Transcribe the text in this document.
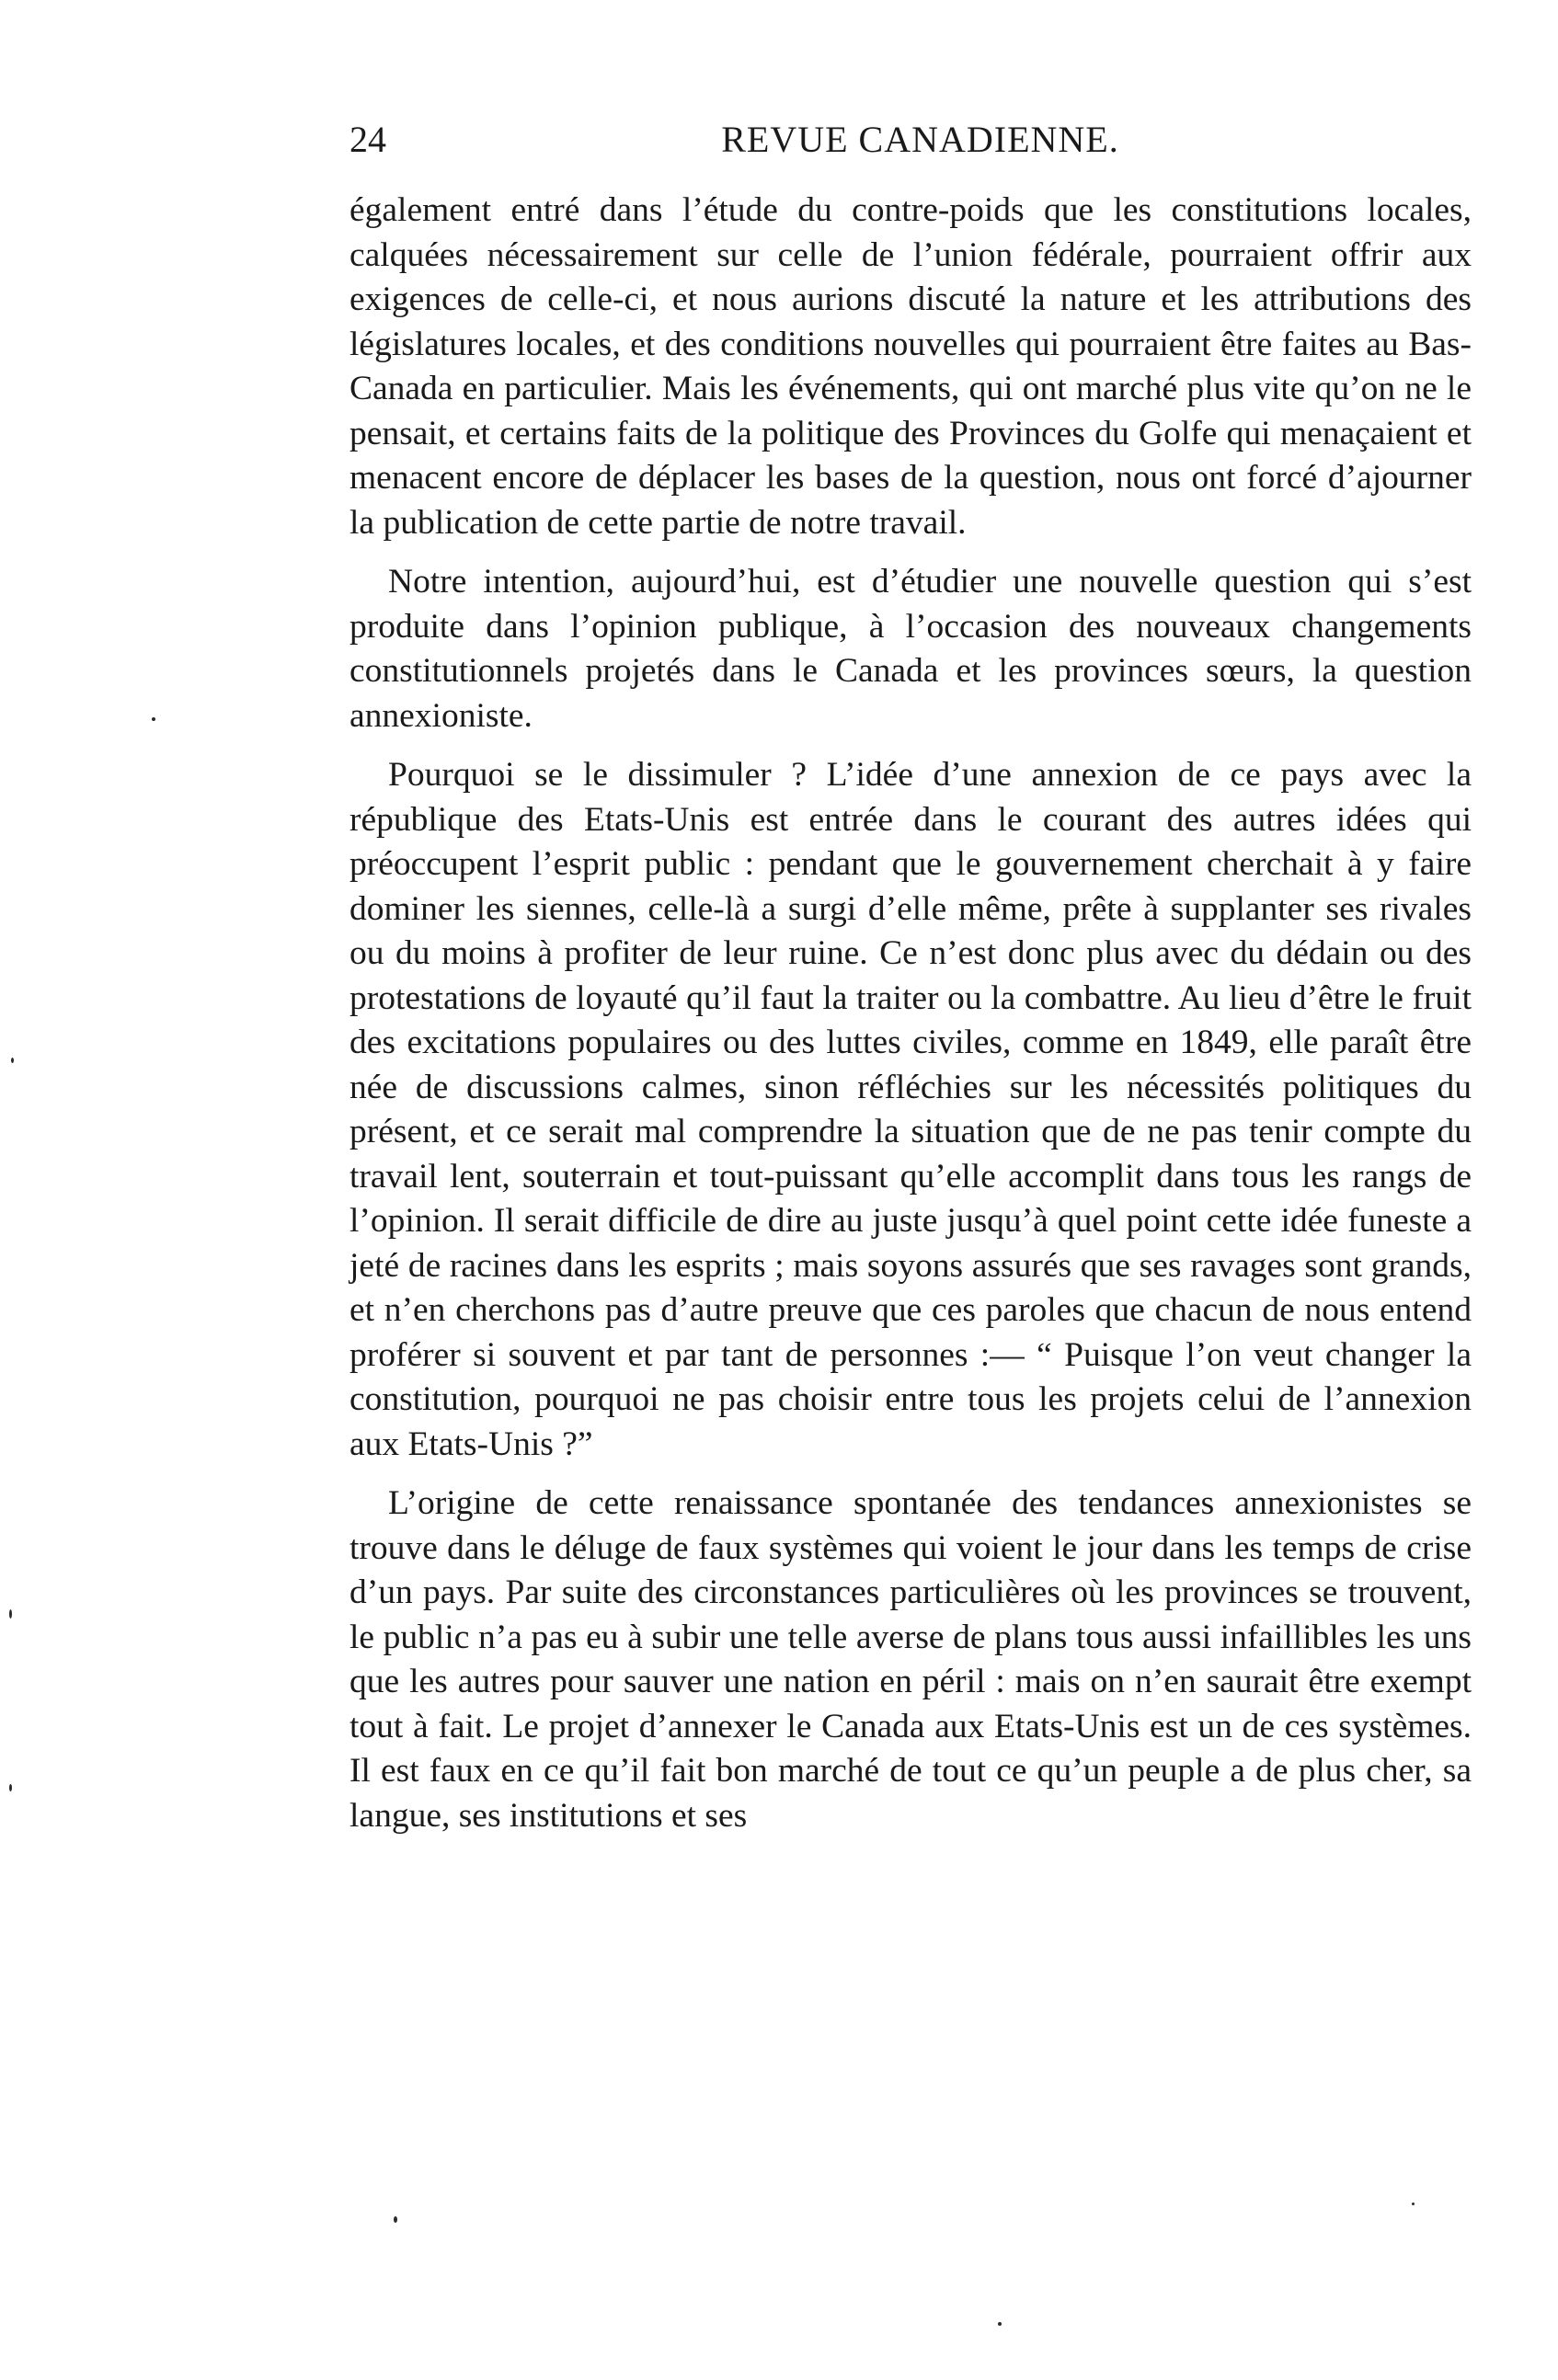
24	REVUE CANADIENNE.

également entré dans l’étude du contre-poids que les constitutions locales, calquées nécessairement sur celle de l’union fédérale, pourraient offrir aux exigences de celle-ci, et nous aurions discuté la nature et les attributions des législatures locales, et des conditions nouvelles qui pourraient être faites au Bas-Canada en particulier. Mais les événements, qui ont marché plus vite qu’on ne le pensait, et certains faits de la politique des Provinces du Golfe qui menaçaient et menacent encore de déplacer les bases de la question, nous ont forcé d’ajourner la publication de cette partie de notre travail.

Notre intention, aujourd’hui, est d’étudier une nouvelle question qui s’est produite dans l’opinion publique, à l’occasion des nouveaux changements constitutionnels projetés dans le Canada et les provinces sœurs, la question annexioniste.

Pourquoi se le dissimuler ? L’idée d’une annexion de ce pays avec la république des Etats-Unis est entrée dans le courant des autres idées qui préoccupent l’esprit public : pendant que le gouvernement cherchait à y faire dominer les siennes, celle-là a surgi d’elle même, prête à supplanter ses rivales ou du moins à profiter de leur ruine. Ce n’est donc plus avec du dédain ou des protestations de loyauté qu’il faut la traiter ou la combattre. Au lieu d’être le fruit des excitations populaires ou des luttes civiles, comme en 1849, elle paraît être née de discussions calmes, sinon réfléchies sur les nécessités politiques du présent, et ce serait mal comprendre la situation que de ne pas tenir compte du travail lent, souterrain et tout-puissant qu’elle accomplit dans tous les rangs de l’opinion. Il serait difficile de dire au juste jusqu’à quel point cette idée funeste a jeté de racines dans les esprits ; mais soyons assurés que ses ravages sont grands, et n’en cherchons pas d’autre preuve que ces paroles que chacun de nous entend proférer si souvent et par tant de personnes :— “ Puisque l’on veut changer la constitution, pourquoi ne pas choisir entre tous les projets celui de l’annexion aux Etats-Unis ?”

L’origine de cette renaissance spontanée des tendances annexionistes se trouve dans le déluge de faux systèmes qui voient le jour dans les temps de crise d’un pays. Par suite des circonstances particulières où les provinces se trouvent, le public n’a pas eu à subir une telle averse de plans tous aussi infaillibles les uns que les autres pour sauver une nation en péril : mais on n’en saurait être exempt tout à fait. Le projet d’annexer le Canada aux Etats-Unis est un de ces systèmes. Il est faux en ce qu’il fait bon marché de tout ce qu’un peuple a de plus cher, sa langue, ses institutions et ses
